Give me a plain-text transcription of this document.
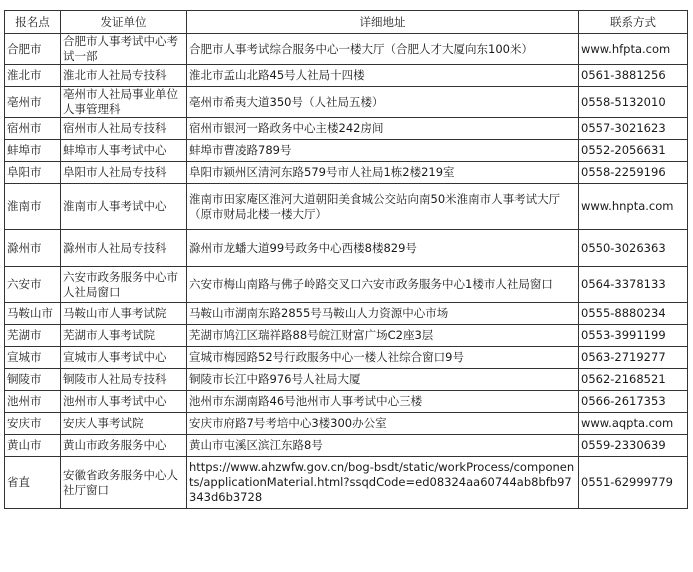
报名点	发证单位	详细地址	联系方式
合肥市	合肥市人事考试中心考试一部	合肥市人事考试综合服务中心一楼大厅（合肥人才大厦向东100米）	www.hfpta.com
淮北市	淮北市人社局专技科	淮北市孟山北路45号人社局十四楼	0561-3881256
亳州市	亳州市人社局事业单位人事管理科	亳州市希夷大道350号（人社局五楼）	0558-5132010
宿州市	宿州市人社局专技科	宿州市银河一路政务中心主楼242房间	0557-3021623
蚌埠市	蚌埠市人事考试中心	蚌埠市曹凌路789号	0552-2056631
阜阳市	阜阳市人社局专技科	阜阳市颍州区清河东路579号市人社局1栋2楼219室	0558-2259196
淮南市	淮南市人事考试中心	淮南市田家庵区淮河大道朝阳美食城公交站向南50米淮南市人事考试大厅（原市财局北楼一楼大厅）	www.hnpta.com
滁州市	滁州市人社局专技科	滁州市龙蟠大道99号政务中心西楼8楼829号	0550-3026363
六安市	六安市政务服务中心市人社局窗口	六安市梅山南路与佛子岭路交叉口六安市政务服务中心1楼市人社局窗口	0564-3378133
马鞍山市	马鞍山市人事考试院	马鞍山市湖南东路2855号马鞍山人力资源中心市场	0555-8880234
芜湖市	芜湖市人事考试院	芜湖市鸠江区瑞祥路88号皖江财富广场C2座3层	0553-3991199
宣城市	宣城市人事考试中心	宣城市梅园路52号行政服务中心一楼人社综合窗口9号	0563-2719277
铜陵市	铜陵市人社局专技科	铜陵市长江中路976号人社局大厦	0562-2168521
池州市	池州市人事考试中心	池州市东湖南路46号池州市人事考试中心三楼	0566-2617353
安庆市	安庆人事考试院	安庆市府路7号考培中心3楼300办公室	www.aqpta.com
黄山市	黄山市政务服务中心	黄山市屯溪区滨江东路8号	0559-2330639
省直	安徽省政务服务中心人社厅窗口	https://www.ahzwfw.gov.cn/bog-bsdt/static/workProcess/components/applicationMaterial.html?ssqdCode=ed08324aa60744ab8bfb97343d6b3728	0551-62999779
